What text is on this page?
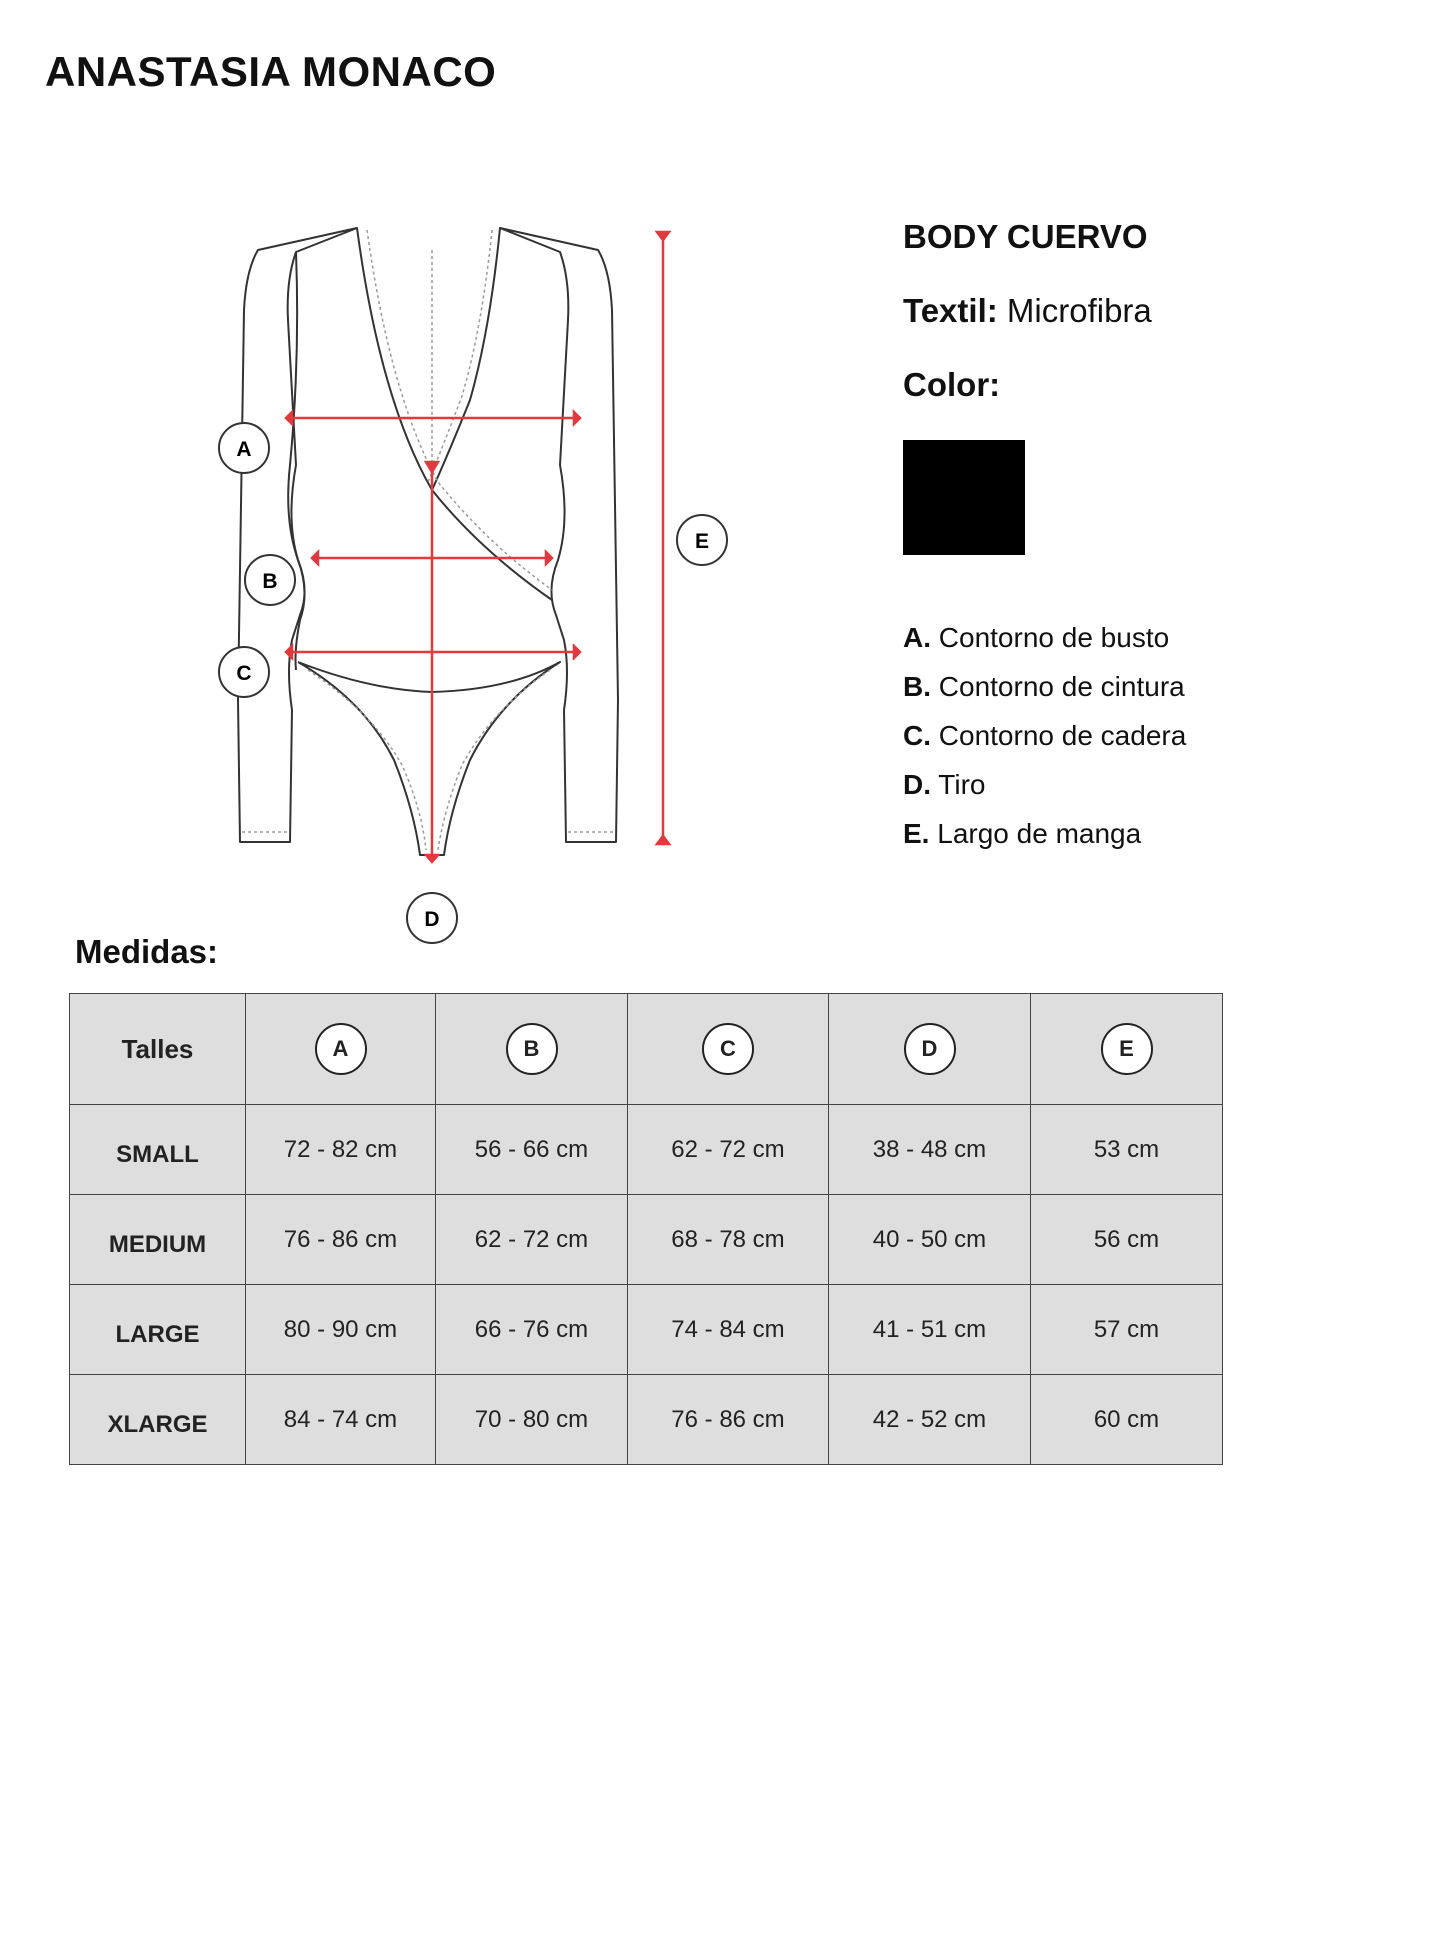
ANASTASIA MONACO
A
B
C
D
E
BODY CUERVO
Textil: Microfibra
Color:
A. Contorno de busto
B. Contorno de cintura
C. Contorno de cadera
D. Tiro
E. Largo de manga
Medidas:
Talles	A	B	C	D	E
SMALL	72 - 82 cm	56 - 66 cm	62 - 72 cm	38 - 48 cm	53 cm
MEDIUM	76 - 86 cm	62 - 72 cm	68 - 78 cm	40 - 50 cm	56 cm
LARGE	80 - 90 cm	66 - 76 cm	74 - 84 cm	41 - 51 cm	57 cm
XLARGE	84 - 74 cm	70 - 80 cm	76 - 86 cm	42 - 52 cm	60 cm
